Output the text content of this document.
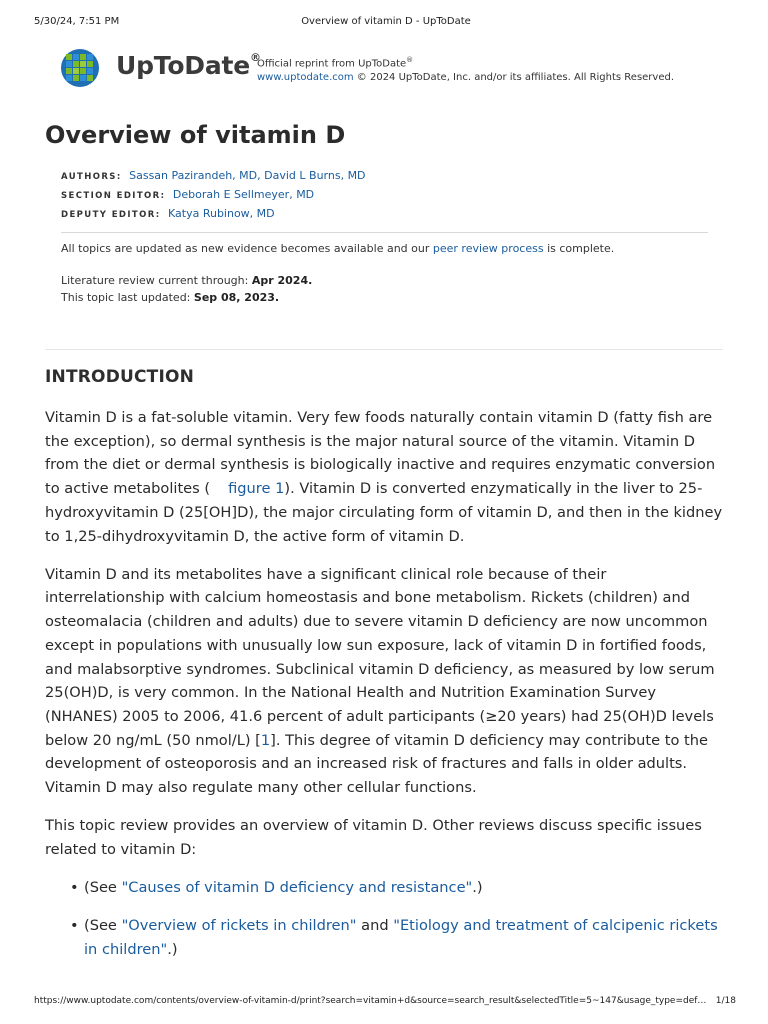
5/30/24, 7:51 PM	Overview of vitamin D - UpToDate
UpToDate®
Official reprint from UpToDate®
www.uptodate.com © 2024 UpToDate, Inc. and/or its affiliates. All Rights Reserved.
Overview of vitamin D
AUTHORS: Sassan Pazirandeh, MD, David L Burns, MD
SECTION EDITOR: Deborah E Sellmeyer, MD
DEPUTY EDITOR: Katya Rubinow, MD
All topics are updated as new evidence becomes available and our peer review process is complete.
Literature review current through: Apr 2024.
This topic last updated: Sep 08, 2023.
INTRODUCTION

Vitamin D is a fat-soluble vitamin. Very few foods naturally contain vitamin D (fatty fish are the exception), so dermal synthesis is the major natural source of the vitamin. Vitamin D from the diet or dermal synthesis is biologically inactive and requires enzymatic conversion to active metabolites ( figure 1). Vitamin D is converted enzymatically in the liver to 25-hydroxyvitamin D (25[OH]D), the major circulating form of vitamin D, and then in the kidney to 1,25-dihydroxyvitamin D, the active form of vitamin D.

Vitamin D and its metabolites have a significant clinical role because of their interrelationship with calcium homeostasis and bone metabolism. Rickets (children) and osteomalacia (children and adults) due to severe vitamin D deficiency are now uncommon except in populations with unusually low sun exposure, lack of vitamin D in fortified foods, and malabsorptive syndromes. Subclinical vitamin D deficiency, as measured by low serum 25(OH)D, is very common. In the National Health and Nutrition Examination Survey (NHANES) 2005 to 2006, 41.6 percent of adult participants (≥20 years) had 25(OH)D levels below 20 ng/mL (50 nmol/L) [1]. This degree of vitamin D deficiency may contribute to the development of osteoporosis and an increased risk of fractures and falls in older adults. Vitamin D may also regulate many other cellular functions.

This topic review provides an overview of vitamin D. Other reviews discuss specific issues related to vitamin D:

• (See "Causes of vitamin D deficiency and resistance".)
• (See "Overview of rickets in children" and "Etiology and treatment of calcipenic rickets in children".)
https://www.uptodate.com/contents/overview-of-vitamin-d/print?search=vitamin+d&source=search_result&selectedTitle=5~147&usage_type=def…	1/18
